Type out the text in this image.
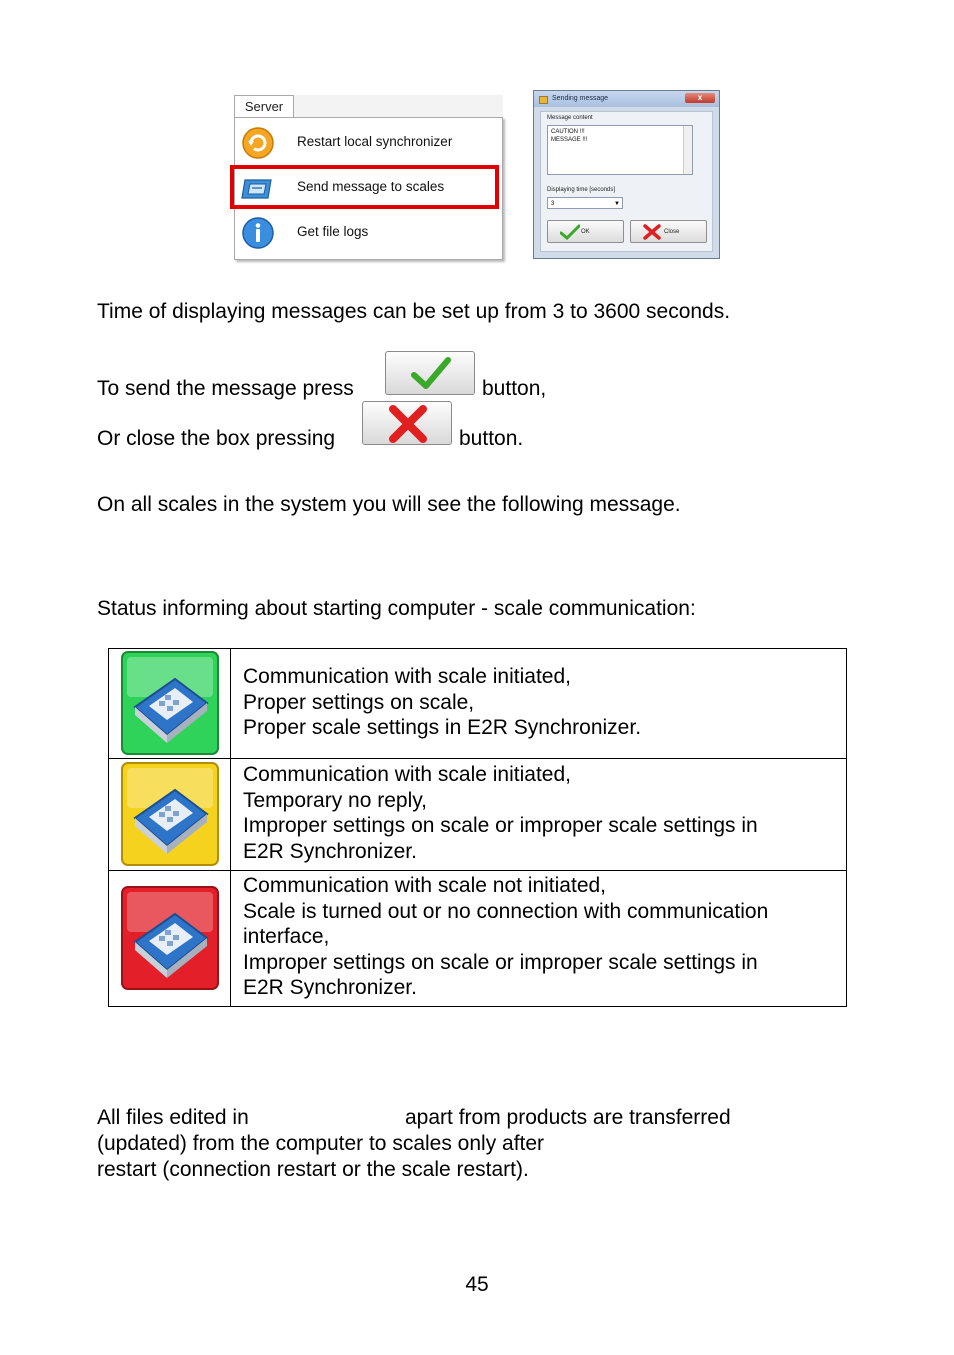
Server
Restart local synchronizer
Send message to scales
Get file logs
Sending message	x
Message content
CAUTION !!!
MESSAGE !!!
Displaying time [seconds]
3	▼
OK	Close
Time of displaying messages can be set up from 3 to 3600 seconds.
To send the message press	button,
Or close the box pressing	button.
On all scales in the system you will see the following message.
Status informing about starting computer - scale communication:
Communication with scale initiated,
Proper settings on scale,
Proper scale settings in E2R Synchronizer.
Communication with scale initiated,
Temporary no reply,
Improper settings on scale or improper scale settings in
E2R Synchronizer.
Communication with scale not initiated,
Scale is turned out or no connection with communication
interface,
Improper settings on scale or improper scale settings in
E2R Synchronizer.
All files edited in	apart from products are transferred
(updated) from the computer to scales only after
restart (connection restart or the scale restart).
45
